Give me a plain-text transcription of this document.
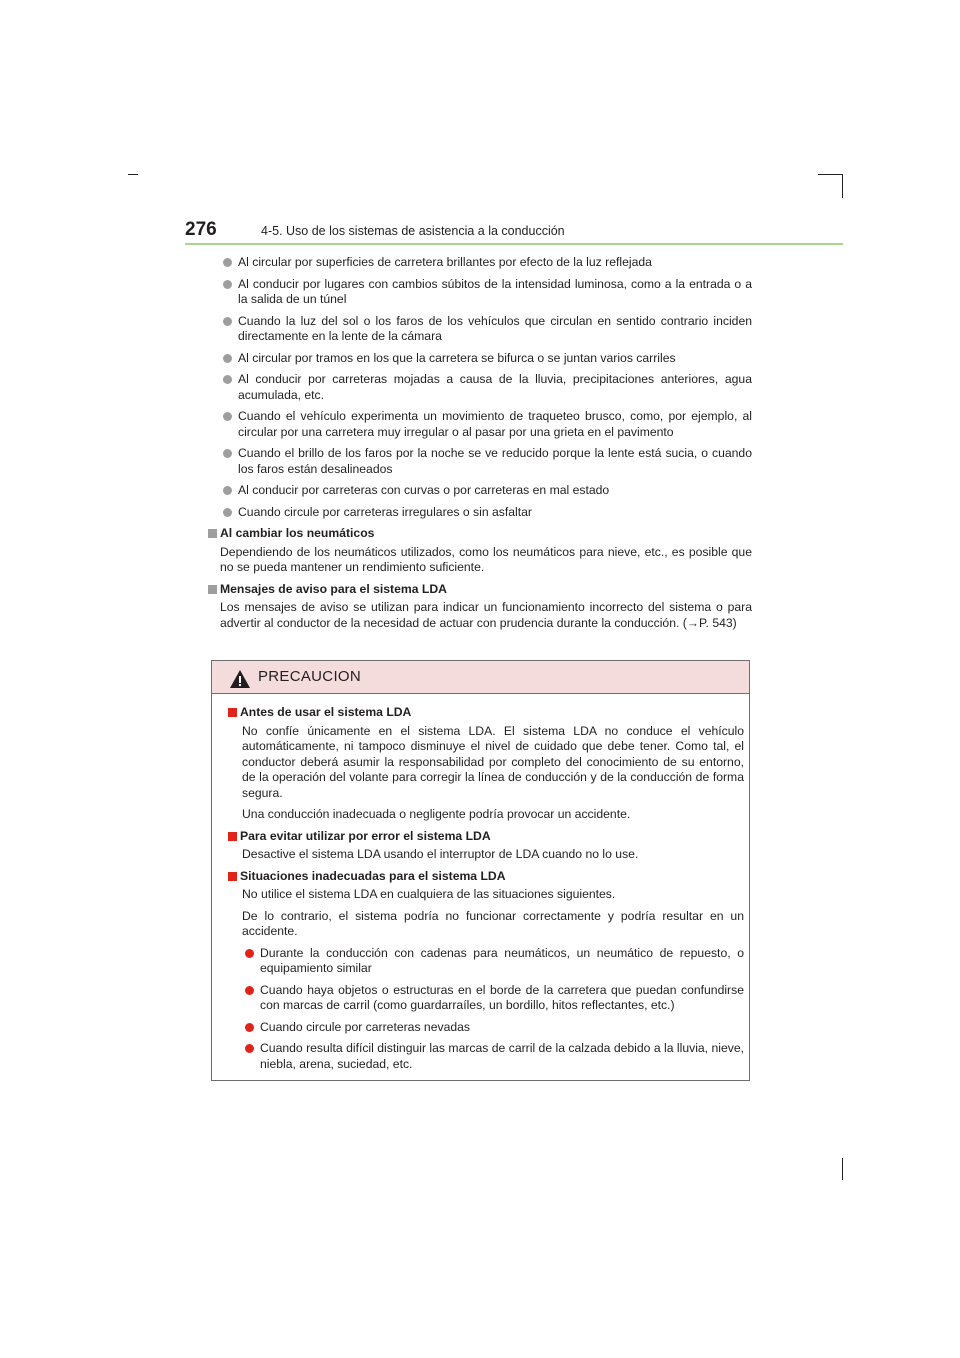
276	4-5. Uso de los sistemas de asistencia a la conducción
Al circular por superficies de carretera brillantes por efecto de la luz reflejada
Al conducir por lugares con cambios súbitos de la intensidad luminosa, como a la entrada o a la salida de un túnel
Cuando la luz del sol o los faros de los vehículos que circulan en sentido contrario inciden directamente en la lente de la cámara
Al circular por tramos en los que la carretera se bifurca o se juntan varios carriles
Al conducir por carreteras mojadas a causa de la lluvia, precipitaciones anteriores, agua acumulada, etc.
Cuando el vehículo experimenta un movimiento de traqueteo brusco, como, por ejemplo, al circular por una carretera muy irregular o al pasar por una grieta en el pavimento
Cuando el brillo de los faros por la noche se ve reducido porque la lente está sucia, o cuando los faros están desalineados
Al conducir por carreteras con curvas o por carreteras en mal estado
Cuando circule por carreteras irregulares o sin asfaltar
Al cambiar los neumáticos
Dependiendo de los neumáticos utilizados, como los neumáticos para nieve, etc., es posible que no se pueda mantener un rendimiento suficiente.
Mensajes de aviso para el sistema LDA
Los mensajes de aviso se utilizan para indicar un funcionamiento incorrecto del sistema o para advertir al conductor de la necesidad de actuar con prudencia durante la conducción. (→P. 543)
PRECAUCION
Antes de usar el sistema LDA
No confíe únicamente en el sistema LDA. El sistema LDA no conduce el vehículo automáticamente, ni tampoco disminuye el nivel de cuidado que debe tener. Como tal, el conductor deberá asumir la responsabilidad por completo del conocimiento de su entorno, de la operación del volante para corregir la línea de conducción y de la conducción de forma segura.
Una conducción inadecuada o negligente podría provocar un accidente.
Para evitar utilizar por error el sistema LDA
Desactive el sistema LDA usando el interruptor de LDA cuando no lo use.
Situaciones inadecuadas para el sistema LDA
No utilice el sistema LDA en cualquiera de las situaciones siguientes.
De lo contrario, el sistema podría no funcionar correctamente y podría resultar en un accidente.
Durante la conducción con cadenas para neumáticos, un neumático de repuesto, o equipamiento similar
Cuando haya objetos o estructuras en el borde de la carretera que puedan confundirse con marcas de carril (como guardarraíles, un bordillo, hitos reflectantes, etc.)
Cuando circule por carreteras nevadas
Cuando resulta difícil distinguir las marcas de carril de la calzada debido a la lluvia, nieve, niebla, arena, suciedad, etc.
